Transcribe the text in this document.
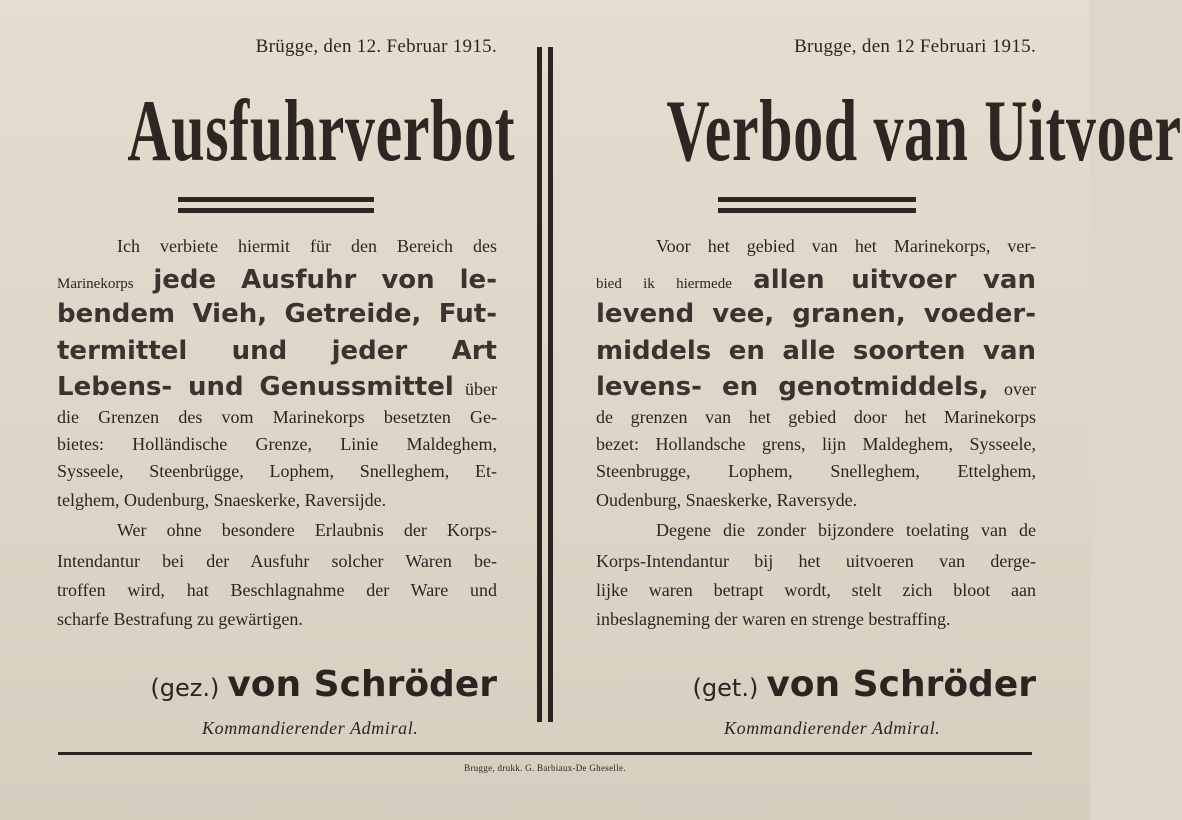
Brügge, den 12. Februar 1915.
Ausfuhrverbot
Ich verbiete hiermit für den Bereich des
Marinekorps jede Ausfuhr von le-
bendem Vieh, Getreide, Fut-
termittel und jeder Art
Lebens- und Genussmittel über
die Grenzen des vom Marinekorps besetzten Ge-
bietes: Holländische Grenze, Linie Maldeghem,
Sysseele, Steenbrügge, Lophem, Snelleghem, Et-
telghem, Oudenburg, Snaeskerke, Raversijde.
Wer ohne besondere Erlaubnis der Korps-
Intendantur bei der Ausfuhr solcher Waren be-
troffen wird, hat Beschlagnahme der Ware und
scharfe Bestrafung zu gewärtigen.
(gez.) von Schröder
Kommandierender Admiral.
Brugge, den 12 Februari 1915.
Verbod van Uitvoer
Voor het gebied van het Marinekorps, ver-
bied ik hiermede allen uitvoer van
levend vee, granen, voeder-
middels en alle soorten van
levens- en genotmiddels, over
de grenzen van het gebied door het Marinekorps
bezet: Hollandsche grens, lijn Maldeghem, Sysseele,
Steenbrugge, Lophem, Snelleghem, Ettelghem,
Oudenburg, Snaeskerke, Raversyde.
Degene die zonder bijzondere toelating van de
Korps-Intendantur bij het uitvoeren van derge-
lijke waren betrapt wordt, stelt zich bloot aan
inbeslagneming der waren en strenge bestraffing.
(get.) von Schröder
Kommandierender Admiral.
Brugge, drukk. G. Barbiaux-De Gheselle.
